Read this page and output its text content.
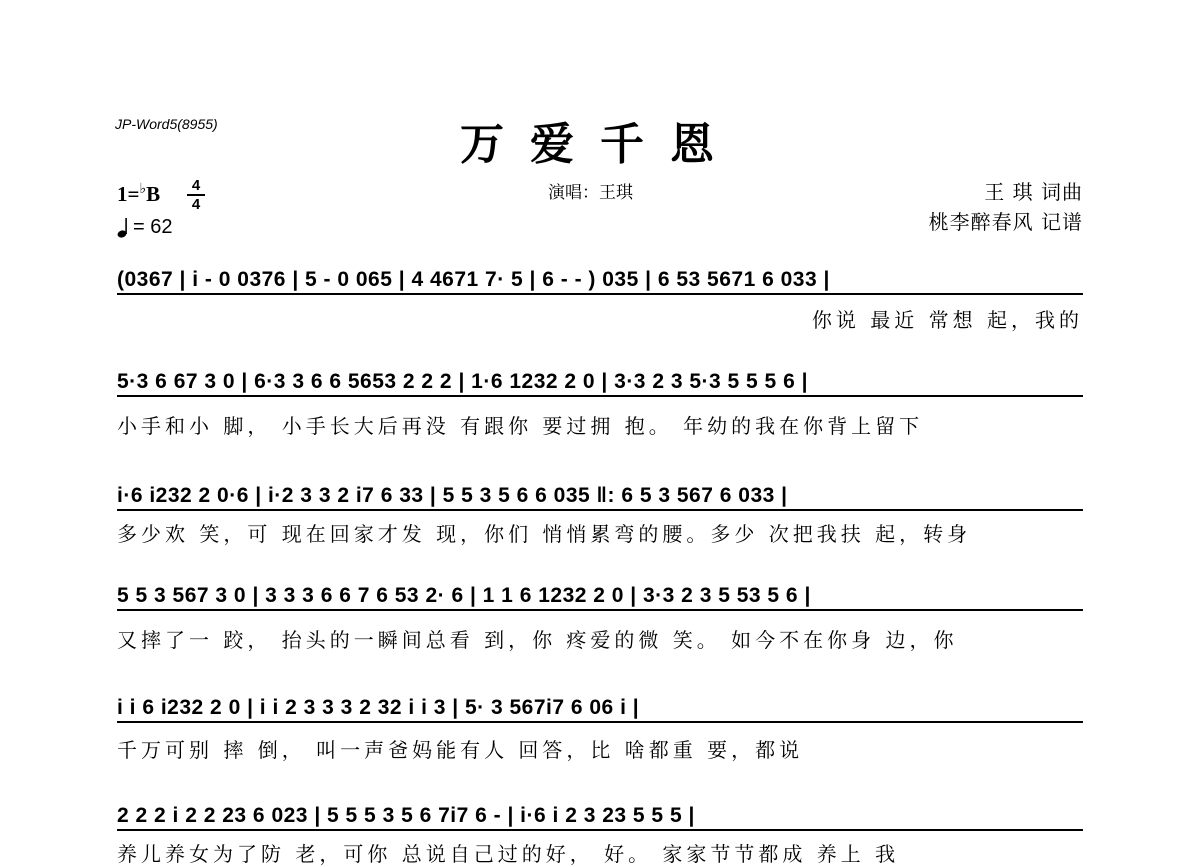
JP-Word5(8955)	万爱千恩
演唱：王琪	王 琪 词曲
桃李醉春风 记谱
1=♭B	4
4
= 62
(0367 | i - 0 0376 | 5 - 0 065 | 4 4671 7· 5 | 6 - - ) 035 | 6 53 5671 6 033 |
你说 最近 常想 起，我的
5·3 6 67 3 0 | 6·3 3 6 6 5653 2 2 2 | 1·6 1232 2 0 | 3·3 2 3 5·3 5 5 5 6 |
小手和小 脚， 小手长大后再没 有跟你 要过拥 抱。 年幼的我在你背上留下
i·6 i232 2 0·6 | i·2 3 3 2 i7 6 33 | 5 5 3 5 6 6 035 ‖: 6 5 3 567 6 033 |
多少欢 笑，可 现在回家才发 现，你们 悄悄累弯的腰。多少 次把我扶 起，转身
5 5 3 567 3 0 | 3 3 3 6 6 7 6 53 2· 6 | 1 1 6 1232 2 0 | 3·3 2 3 5 53 5 6 |
又摔了一 跤， 抬头的一瞬间总看 到，你 疼爱的微 笑。 如今不在你身 边，你
i i 6 i232 2 0 | i i 2 3 3 3 2 32 i i 3 | 5· 3 567i7 6 06 i |
千万可别 摔 倒， 叫一声爸妈能有人 回答，比 啥都重 要，都说
2 2 2 i 2 2 23 6 023 | 5 5 5 3 5 6 7i7 6 - | i·6 i 2 3 23 5 5 5 |
养儿养女为了防 老，可你 总说自己过的好， 好。 家家节节都成 养上 我
